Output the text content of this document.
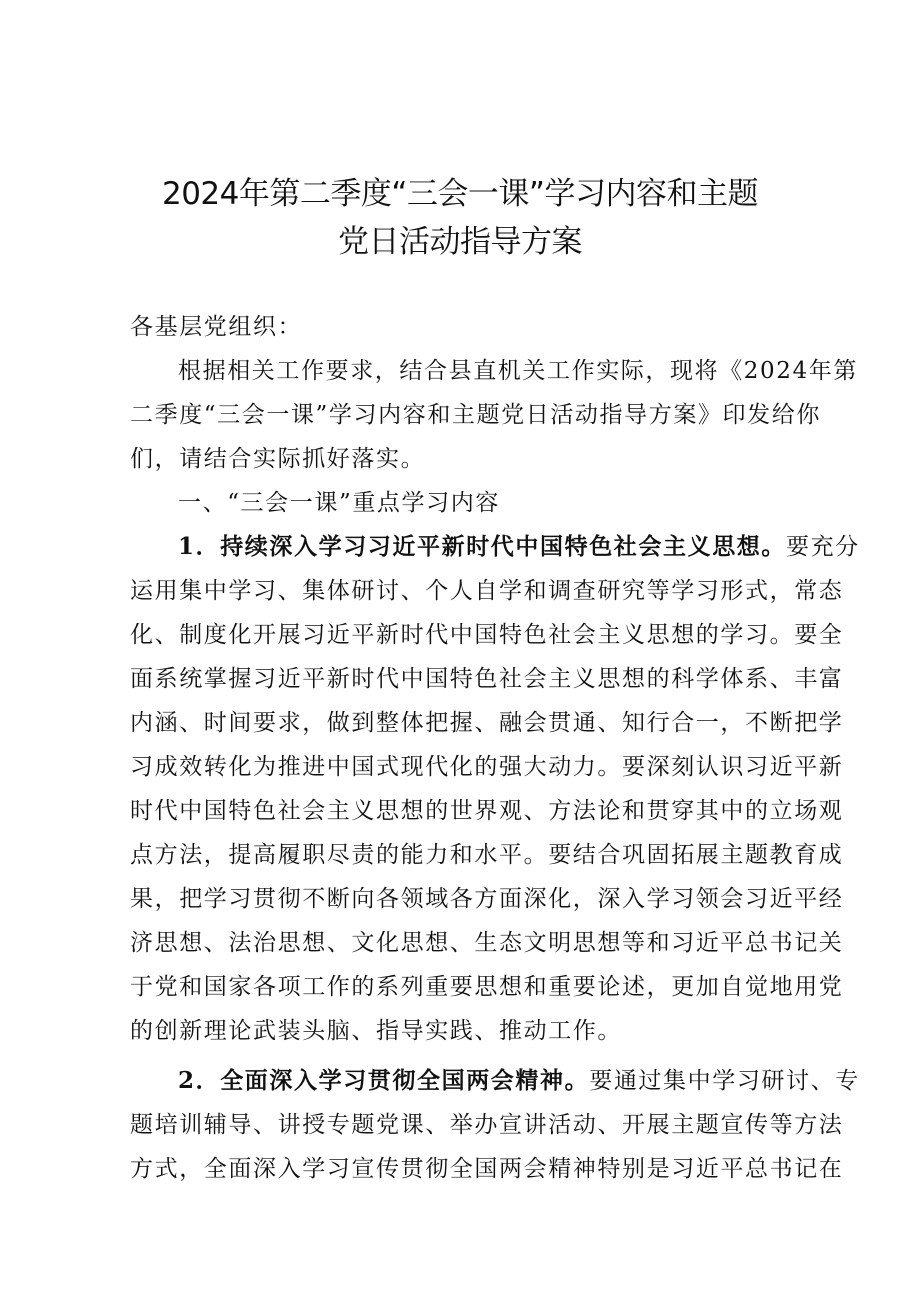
2024年第二季度“三会一课”学习内容和主题
党日活动指导方案
各基层党组织：
根据相关工作要求，结合县直机关工作实际，现将《2024年第
二季度“三会一课”学习内容和主题党日活动指导方案》印发给你
们，请结合实际抓好落实。
一、“三会一课”重点学习内容
1．持续深入学习习近平新时代中国特色社会主义思想。要充分
运用集中学习、集体研讨、个人自学和调查研究等学习形式，常态
化、制度化开展习近平新时代中国特色社会主义思想的学习。要全
面系统掌握习近平新时代中国特色社会主义思想的科学体系、丰富
内涵、时间要求，做到整体把握、融会贯通、知行合一，不断把学
习成效转化为推进中国式现代化的强大动力。要深刻认识习近平新
时代中国特色社会主义思想的世界观、方法论和贯穿其中的立场观
点方法，提高履职尽责的能力和水平。要结合巩固拓展主题教育成
果，把学习贯彻不断向各领域各方面深化，深入学习领会习近平经
济思想、法治思想、文化思想、生态文明思想等和习近平总书记关
于党和国家各项工作的系列重要思想和重要论述，更加自觉地用党
的创新理论武装头脑、指导实践、推动工作。
2．全面深入学习贯彻全国两会精神。要通过集中学习研讨、专
题培训辅导、讲授专题党课、举办宣讲活动、开展主题宣传等方法
方式，全面深入学习宣传贯彻全国两会精神特别是习近平总书记在
